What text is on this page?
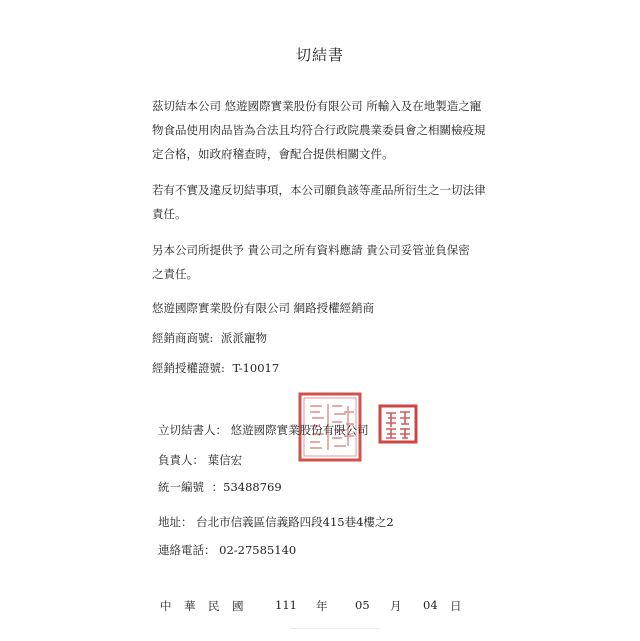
切結書
茲切結本公司 悠遊國際實業股份有限公司 所輸入及在地製造之寵
物食品使用肉品皆為合法且均符合行政院農業委員會之相關檢疫規
定合格，如政府稽查時，會配合提供相關文件。
若有不實及違反切結事項，本公司願負該等產品所衍生之一切法律
責任。
另本公司所提供予 貴公司之所有資料應請 貴公司妥管並負保密
之責任。
悠遊國際實業股份有限公司 網路授權經銷商
經銷商商號: 派派寵物
經銷授權證號: T-10017
立切結書人： 悠遊國際實業股份有限公司
負責人： 葉信宏
統一編號 ：53488769
地址： 台北市信義區信義路四段415巷4樓之2
連絡電話： 02-27585140
中 華 民 國	111 年 05 月 04 日
